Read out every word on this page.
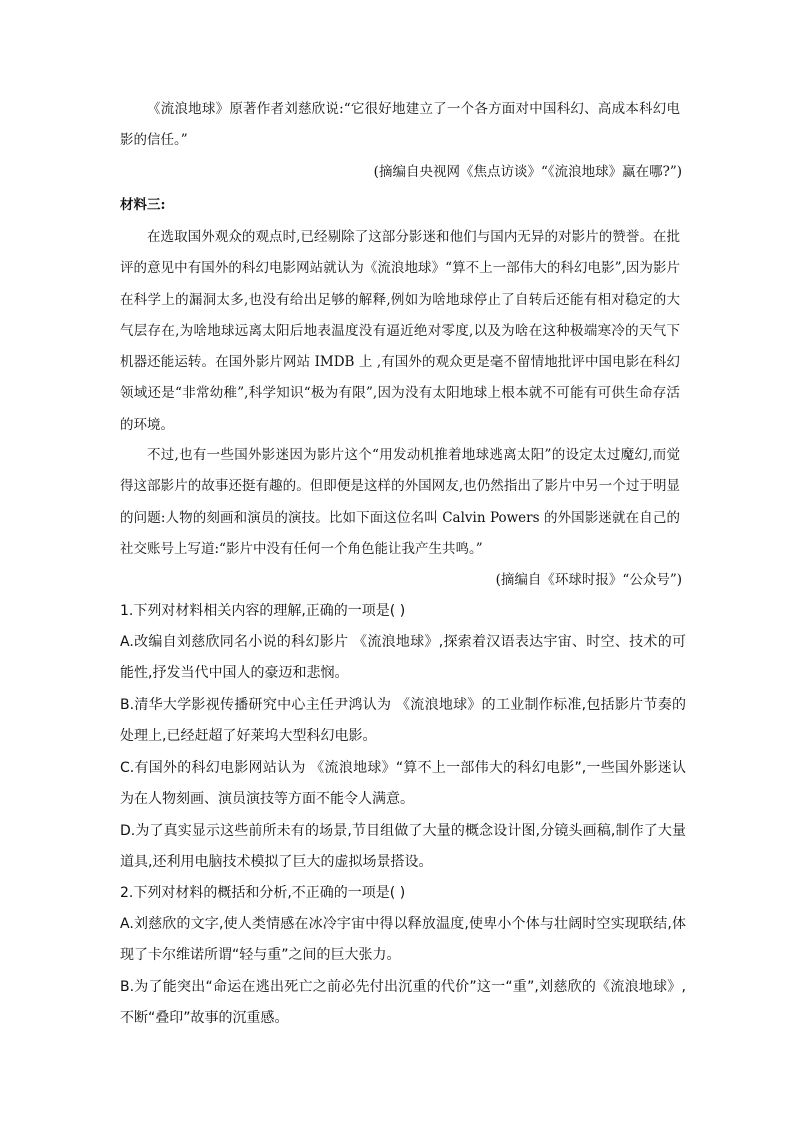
《流浪地球》原著作者刘慈欣说:“它很好地建立了一个各方面对中国科幻、高成本科幻电影的信任。”

(摘编自央视网《焦点访谈》“《流浪地球》赢在哪?”)

材料三:

在选取国外观众的观点时,已经剔除了这部分影迷和他们与国内无异的对影片的赞誉。在批评的意见中有国外的科幻电影网站就认为《流浪地球》“算不上一部伟大的科幻电影”,因为影片在科学上的漏洞太多,也没有给出足够的解释,例如为啥地球停止了自转后还能有相对稳定的大气层存在,为啥地球远离太阳后地表温度没有逼近绝对零度,以及为啥在这种极端寒冷的天气下机器还能运转。在国外影片网站 IMDB 上 ,有国外的观众更是毫不留情地批评中国电影在科幻领域还是“非常幼稚”,科学知识“极为有限”,因为没有太阳地球上根本就不可能有可供生命存活的环境。

不过,也有一些国外影迷因为影片这个“用发动机推着地球逃离太阳”的设定太过魔幻,而觉得这部影片的故事还挺有趣的。但即便是这样的外国网友,也仍然指出了影片中另一个过于明显的问题:人物的刻画和演员的演技。比如下面这位名叫 Calvin Powers 的外国影迷就在自己的社交账号上写道:“影片中没有任何一个角色能让我产生共鸣。”

(摘编自《环球时报》“公众号”)

1.下列对材料相关内容的理解,正确的一项是( )

A.改编自刘慈欣同名小说的科幻影片 《流浪地球》,探索着汉语表达宇宙、时空、技术的可能性,抒发当代中国人的豪迈和悲悯。

B.清华大学影视传播研究中心主任尹鸿认为 《流浪地球》的工业制作标准,包括影片节奏的处理上,已经赶超了好莱坞大型科幻电影。

C.有国外的科幻电影网站认为 《流浪地球》“算不上一部伟大的科幻电影”,一些国外影迷认为在人物刻画、演员演技等方面不能令人满意。

D.为了真实显示这些前所未有的场景,节目组做了大量的概念设计图,分镜头画稿,制作了大量道具,还利用电脑技术模拟了巨大的虚拟场景搭设。

2.下列对材料的概括和分析,不正确的一项是( )

A.刘慈欣的文字,使人类情感在冰冷宇宙中得以释放温度,使卑小个体与壮阔时空实现联结,体现了卡尔维诺所谓“轻与重”之间的巨大张力。

B.为了能突出“命运在逃出死亡之前必先付出沉重的代价”这一“重”,刘慈欣的《流浪地球》,不断“叠印”故事的沉重感。
